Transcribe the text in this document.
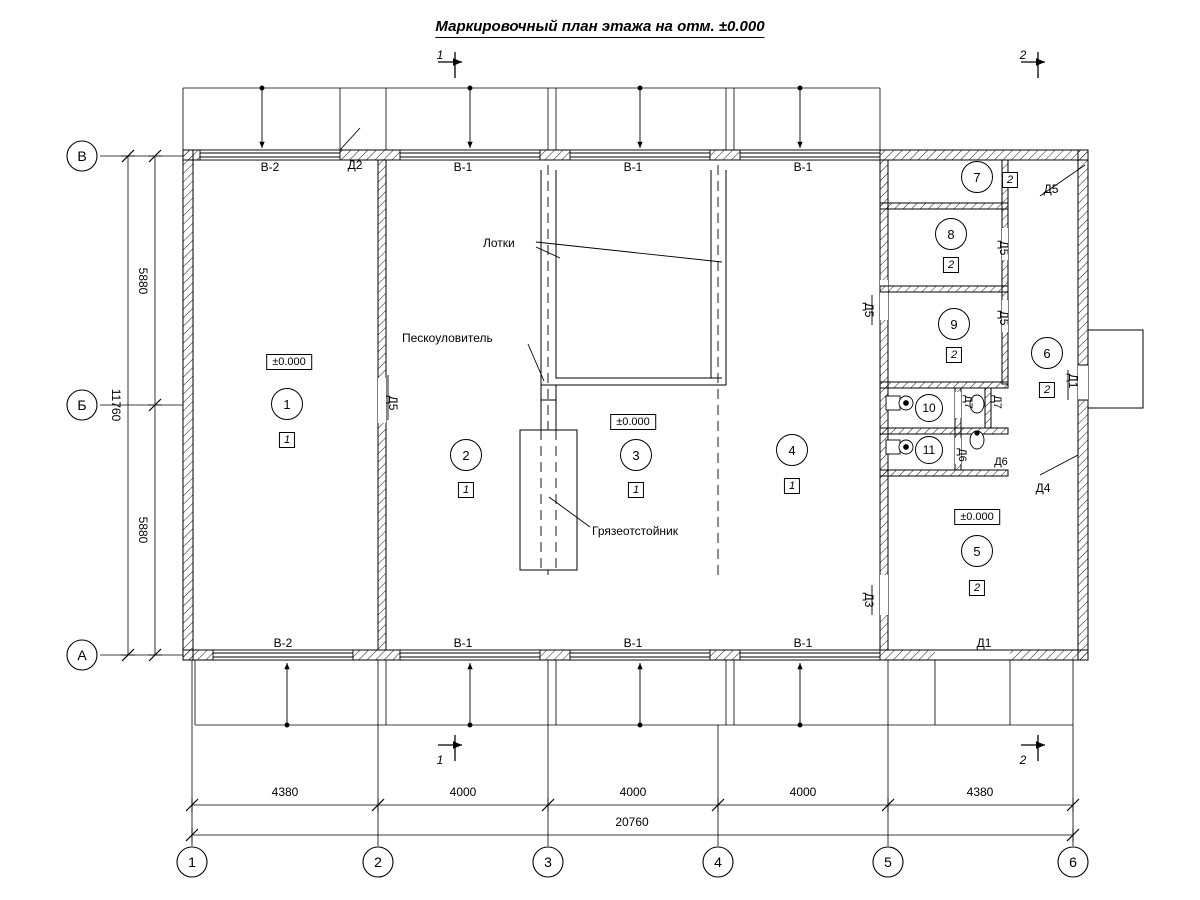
Маркировочный план этажа на отм. ±0.000
1	2
1	2
В
Б
А
1	2	3	4	5	6
4380	4000	4000	4000	4380
20760
5880
5880
11760
В-2	В-1	В-1	В-1
В-2	В-1	В-1	В-1
Д2
Д5
Д5
Д5
Д5
Д5
Д1
Д7 Д7
Д6
Д6
Д4
Д3
Д1
±0.000
±0.000
±0.000
1
1
2
1
3
1
4
1
5
2
6
2
7	2
8
2
9
2
10
11
Лотки
Пескоуловитель
Грязеотстойник
